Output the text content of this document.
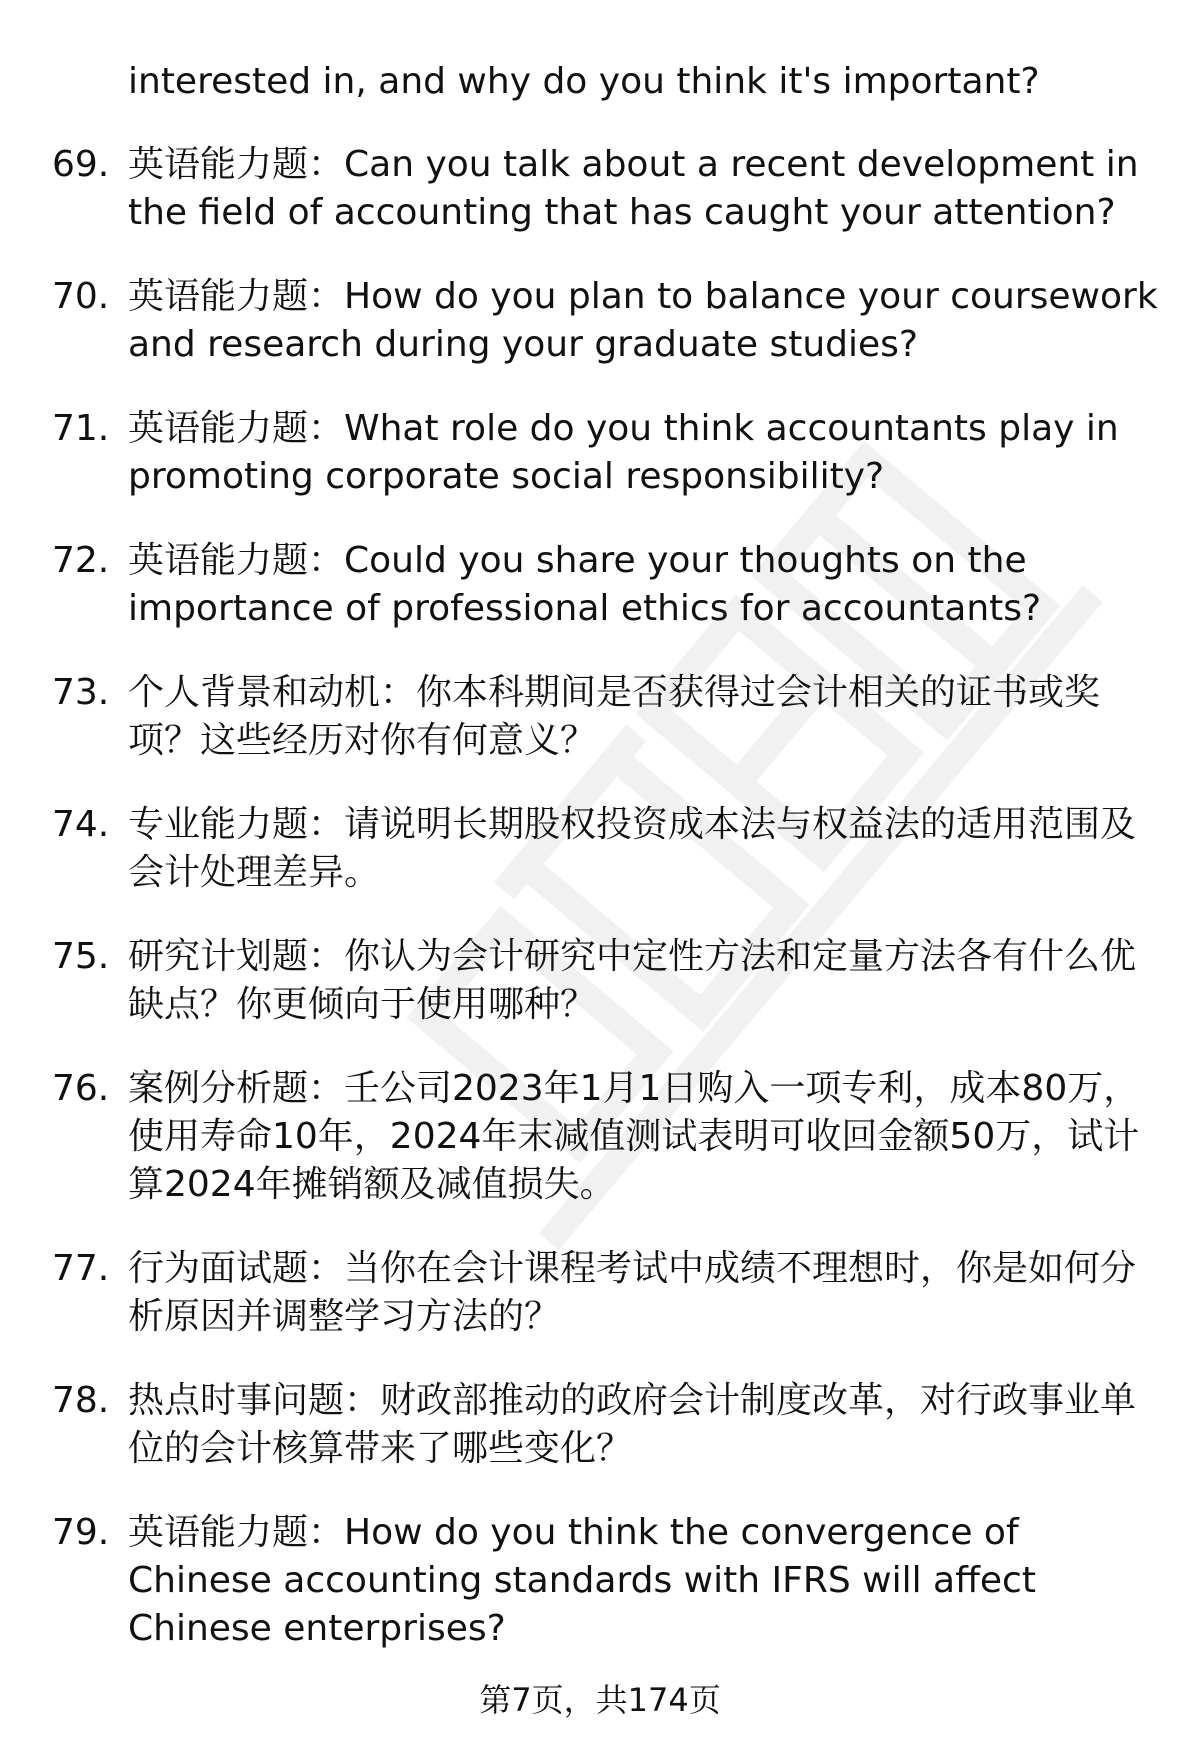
interested in, and why do you think it's important?

69. 英语能力题：Can you talk about a recent development in the field of accounting that has caught your attention?
70. 英语能力题：How do you plan to balance your coursework and research during your graduate studies?
71. 英语能力题：What role do you think accountants play in promoting corporate social responsibility?
72. 英语能力题：Could you share your thoughts on the importance of professional ethics for accountants?
73. 个人背景和动机：你本科期间是否获得过会计相关的证书或奖项？这些经历对你有何意义？
74. 专业能力题：请说明长期股权投资成本法与权益法的适用范围及会计处理差异。
75. 研究计划题：你认为会计研究中定性方法和定量方法各有什么优缺点？你更倾向于使用哪种？
76. 案例分析题：壬公司2023年1月1日购入一项专利，成本80万，使用寿命10年，2024年末减值测试表明可收回金额50万，试计算2024年摊销额及减值损失。
77. 行为面试题：当你在会计课程考试中成绩不理想时，你是如何分析原因并调整学习方法的？
78. 热点时事问题：财政部推动的政府会计制度改革，对行政事业单位的会计核算带来了哪些变化？
79. 英语能力题：How do you think the convergence of Chinese accounting standards with IFRS will affect Chinese enterprises?
第7页，共174页
